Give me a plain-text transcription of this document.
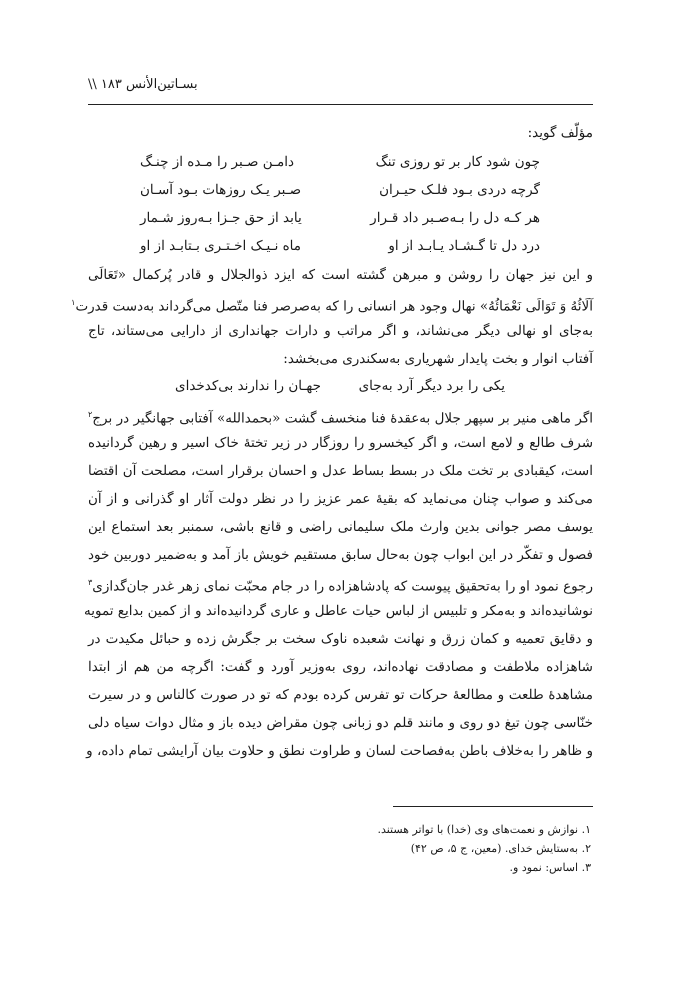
بسـاتین‌الأنس ۱۸۳ \\
مؤلّف گوید:
چون شود کار بر تو روزی تنگ
دامـن صـبر را مـده از چنـگ
گرچه دردی بـود فلـک حیـران
صـبر یـک روزهات بـود آسـان
هر کـه دل را بـه‌صـبر داد قـرار
یابد از حق جـزا بـه‌روز شـمار
درد دل تا گـشـاد یـابـد از او
ماه نـیـک اخـتـری بـتابـد از او
و این نیز جهان را روشن و مبرهن گشته است که ایزد ذوالجلال و قادر پُرکمال «تَعَالَی
آلَائُهُ وَ تَوَالَی نَعْمَائُهُ» نهال وجود هر انسانی را که به‌صرصر فنا متّصل می‌گرداند به‌دست قدرت$^۱$
به‌جای او نهالی دیگر می‌نشاند، و اگر مراتب و دارات جهانداری از دارایی می‌ستاند، تاج
آفتاب انوار و بخت پایدار شهریاری به‌سکندری می‌بخشد:
یکی را برد دیگر آرد به‌جای
جهـان را ندارند بی‌کدخدای
اگر ماهی منیر بر سپهر جلال به‌عقدهٔ فنا منخسف گشت «بحمدالله» آفتابی جهانگیر در برج$^۲$
شرف طالع و لامع است، و اگر کیخسرو را روزگار در زیر تختهٔ خاک اسیر و رهین گردانیده
است، کیقبادی بر تخت ملک در بسط بساط عدل و احسان برقرار است، مصلحت آن اقتضا
می‌کند و صواب چنان می‌نماید که بقیهٔ عمر عزیز را در نظر دولت آثار او گذرانی و از آن
یوسف مصر جوانی بدین وارث ملک سلیمانی راضی و قانع باشی، سمنبر بعد استماع این
فصول و تفکّر در این ابواب چون به‌حال سابق مستقیم خویش باز آمد و به‌ضمیر دوربین خود
رجوع نمود او را به‌تحقیق پیوست که پادشاهزاده را در جام محبّت نمای زهر غدر جان‌گدازی$^۳$
نوشانیده‌اند و به‌مکر و تلبیس از لباس حیات عاطل و عاری گردانیده‌اند و از کمین بدایع تمویه
و دقایق تعمیه و کمان زرق و نهانت شعبده ناوک سخت بر جگرش زده و حبائل مکیدت در
شاهزاده ملاطفت و مصادقت نهاده‌اند، روی به‌وزیر آورد و گفت: اگرچه من هم از ابتدا
مشاهدهٔ طلعت و مطالعهٔ حرکات تو تفرس کرده بودم که تو در صورت کالناس و در سیرت
خنّاسی چون تیغ دو روی و مانند قلم دو زبانی چون مقراض دیده باز و مثال دوات سیاه دلی
و ظاهر را به‌خلاف باطن به‌فصاحت لسان و طراوت نطق و حلاوت بیان آرایشی تمام داده، و
۱. نوازش و نعمت‌های وی (خدا) با تواتر هستند.
۲. به‌ستایش خدای. (معین، ج ۵، ص ۴۲)
۳. اساس: نمود و.
